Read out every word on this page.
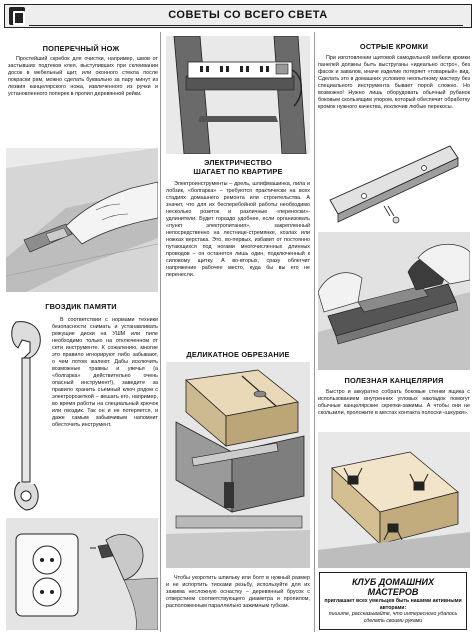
СОВЕТЫ СО ВСЕГО СВЕТА
ПОПЕРЕЧНЫЙ НОЖ
Простейший скребок для очистки, например, швов от застывших подтеков клея, выступивших при склеивании досок в мебельный щит, или оконного стекла после покраски рам, можно сделать буквально за пару минут из лезвия канцелярского ножа, извлеченного из ручки и установленного поперек в пропил деревянной рейки.
ГВОЗДИК ПАМЯТИ
В соответствии с нормами техники безопасности снимать и устанавливать режущие диски на УШМ или пиле необходимо только на отключенном от сети инструменте. К сожалению, многие это правило игнорируют либо забывают, о чем потом жалеют. Дабы исключить возможные травмы и увечья (а «болгарка» действительно очень опасный инструмент!), заведите за правило хранить съемный ключ рядом с электророзеткой – вешать его, например, во время работы на специальный крючок или гвоздик. Так он и не потеряется, и даже самым забывчивым напомнит обесточить инструмент.
ЭЛЕКТРИЧЕСТВО
ШАГАЕТ ПО КВАРТИРЕ
Электроинструменты – дрель, шлифмашинка, пила и лобзик, «болгарка» – требуются практически на всех стадиях домашнего ремонта или строительства. А значит, что для их бесперебойной работы необходимо несколько розеток и различные «переноски»-удлинители. Будет гораздо удобнее, если организовать «пункт электропитания», закрепленный непосредственно на лестнице-стремянке, козлах или ножках верстака. Это, во-первых, избавит от постоянно путающихся под ногами многочисленных длинных проводов – он останется лишь один, подключенный к силовому щитку. А во-вторых, сразу облегчит напряжение рабочее место, куда бы вы его не перенесли.
ДЕЛИКАТНОЕ ОБРЕЗАНИЕ
Чтобы укоротить шпильку или болт в нужный размер и не испортить тисками резьбу, используйте для их зажима несложную оснастку – деревянный брусок с отверстием соответствующего диаметра и пропилом, расположенным параллельно зажимным губкам.
ОСТРЫЕ КРОМКИ
При изготовлении щитовой самодельной мебели кромки панелей должны быть выструганы «идеально остро», без фасок и завалов, иначе изделие потеряет «товарный» вид. Сделать это в домашних условиях неопытному мастеру без специального инструмента бывает порой сложно. Но возможно! Нужно лишь оборудовать обычный рубанок боковым скользящим упором, который обеспечит обработку кромок нужного качества, исключив любые перекосы.
ПОЛЕЗНАЯ КАНЦЕЛЯРИЯ
Быстро и аккуратно собрать боковые стенки ящика с использованием внутренних угловых накладок помогут обычные канцелярские скрепки-зажимы. А чтобы они не скользили, проложите в местах контакта полоски «шкурки».
КЛУБ ДОМАШНИХ
МАСТЕРОВ
приглашает всех умельцев быть нашими активными авторами:
пишите, рассказывайте, что интересного удалось сделать своими руками
